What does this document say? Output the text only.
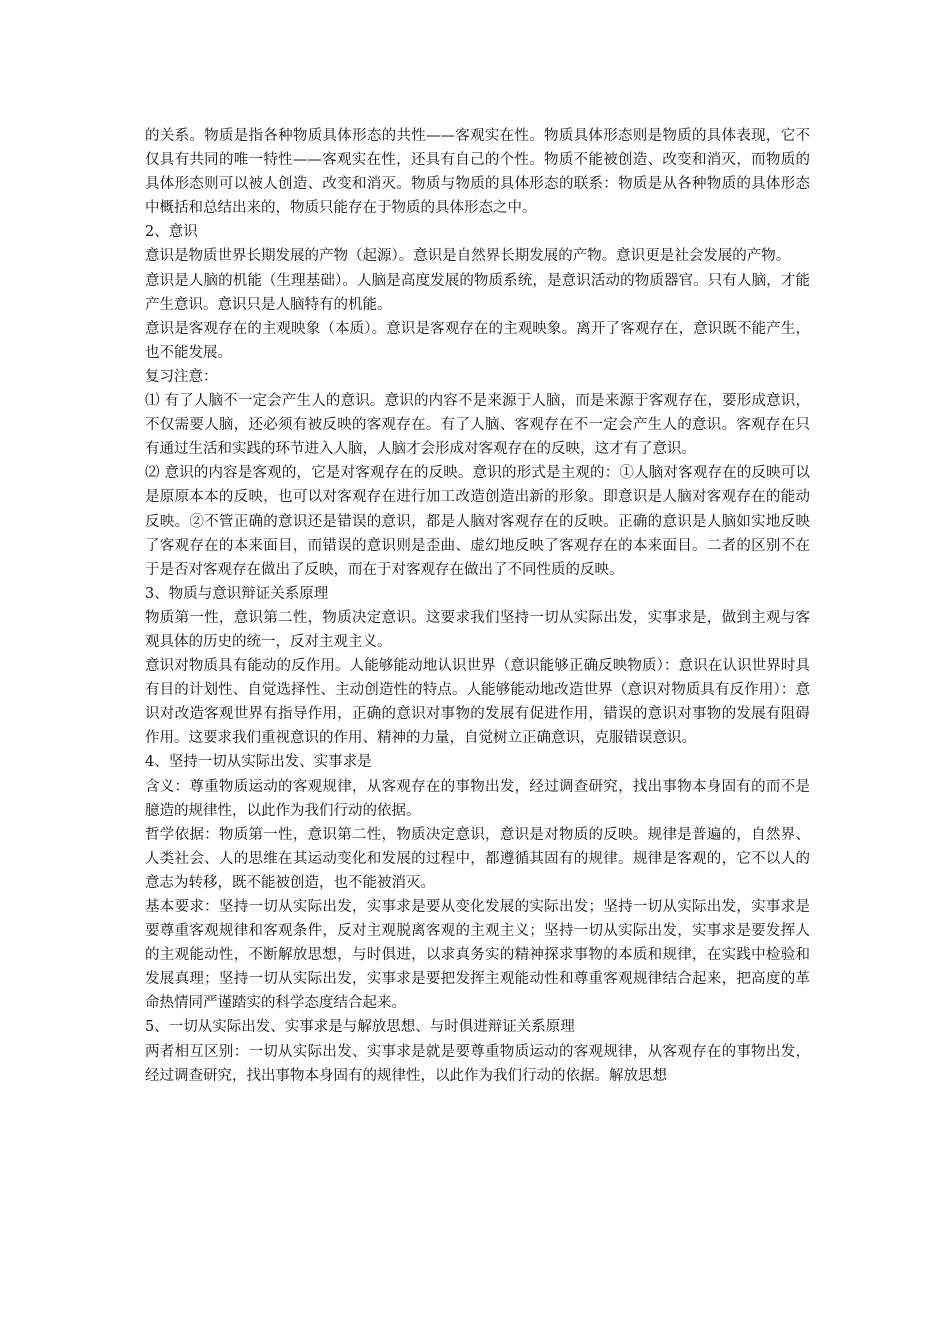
的关系。物质是指各种物质具体形态的共性——客观实在性。物质具体形态则是物质的具体表现，它不仅具有共同的唯一特性——客观实在性，还具有自己的个性。物质不能被创造、改变和消灭，而物质的具体形态则可以被人创造、改变和消灭。物质与物质的具体形态的联系：物质是从各种物质的具体形态中概括和总结出来的，物质只能存在于物质的具体形态之中。

2、意识

意识是物质世界长期发展的产物（起源）。意识是自然界长期发展的产物。意识更是社会发展的产物。

意识是人脑的机能（生理基础）。人脑是高度发展的物质系统，是意识活动的物质器官。只有人脑，才能产生意识。意识只是人脑特有的机能。

意识是客观存在的主观映象（本质）。意识是客观存在的主观映象。离开了客观存在，意识既不能产生，也不能发展。

复习注意：

⑴ 有了人脑不一定会产生人的意识。意识的内容不是来源于人脑，而是来源于客观存在，要形成意识，不仅需要人脑，还必须有被反映的客观存在。有了人脑、客观存在不一定会产生人的意识。客观存在只有通过生活和实践的环节进入人脑，人脑才会形成对客观存在的反映，这才有了意识。

⑵ 意识的内容是客观的，它是对客观存在的反映。意识的形式是主观的：①人脑对客观存在的反映可以是原原本本的反映，也可以对客观存在进行加工改造创造出新的形象。即意识是人脑对客观存在的能动反映。②不管正确的意识还是错误的意识，都是人脑对客观存在的反映。正确的意识是人脑如实地反映了客观存在的本来面目，而错误的意识则是歪曲、虚幻地反映了客观存在的本来面目。二者的区别不在于是否对客观存在做出了反映，而在于对客观存在做出了不同性质的反映。

3、物质与意识辩证关系原理

物质第一性，意识第二性，物质决定意识。这要求我们坚持一切从实际出发，实事求是，做到主观与客观具体的历史的统一，反对主观主义。

意识对物质具有能动的反作用。人能够能动地认识世界（意识能够正确反映物质）：意识在认识世界时具有目的计划性、自觉选择性、主动创造性的特点。人能够能动地改造世界（意识对物质具有反作用）：意识对改造客观世界有指导作用，正确的意识对事物的发展有促进作用，错误的意识对事物的发展有阻碍作用。这要求我们重视意识的作用、精神的力量，自觉树立正确意识，克服错误意识。

4、坚持一切从实际出发、实事求是

含义：尊重物质运动的客观规律，从客观存在的事物出发，经过调查研究，找出事物本身固有的而不是臆造的规律性，以此作为我们行动的依据。

哲学依据：物质第一性，意识第二性，物质决定意识，意识是对物质的反映。规律是普遍的，自然界、人类社会、人的思维在其运动变化和发展的过程中，都遵循其固有的规律。规律是客观的，它不以人的意志为转移，既不能被创造，也不能被消灭。

基本要求：坚持一切从实际出发，实事求是要从变化发展的实际出发；坚持一切从实际出发，实事求是要尊重客观规律和客观条件，反对主观脱离客观的主观主义；坚持一切从实际出发，实事求是要发挥人的主观能动性，不断解放思想，与时俱进，以求真务实的精神探求事物的本质和规律，在实践中检验和发展真理；坚持一切从实际出发，实事求是要把发挥主观能动性和尊重客观规律结合起来，把高度的革命热情同严谨踏实的科学态度结合起来。

5、一切从实际出发、实事求是与解放思想、与时俱进辩证关系原理

两者相互区别：一切从实际出发、实事求是就是要尊重物质运动的客观规律，从客观存在的事物出发，经过调查研究，找出事物本身固有的规律性，以此作为我们行动的依据。解放思想
